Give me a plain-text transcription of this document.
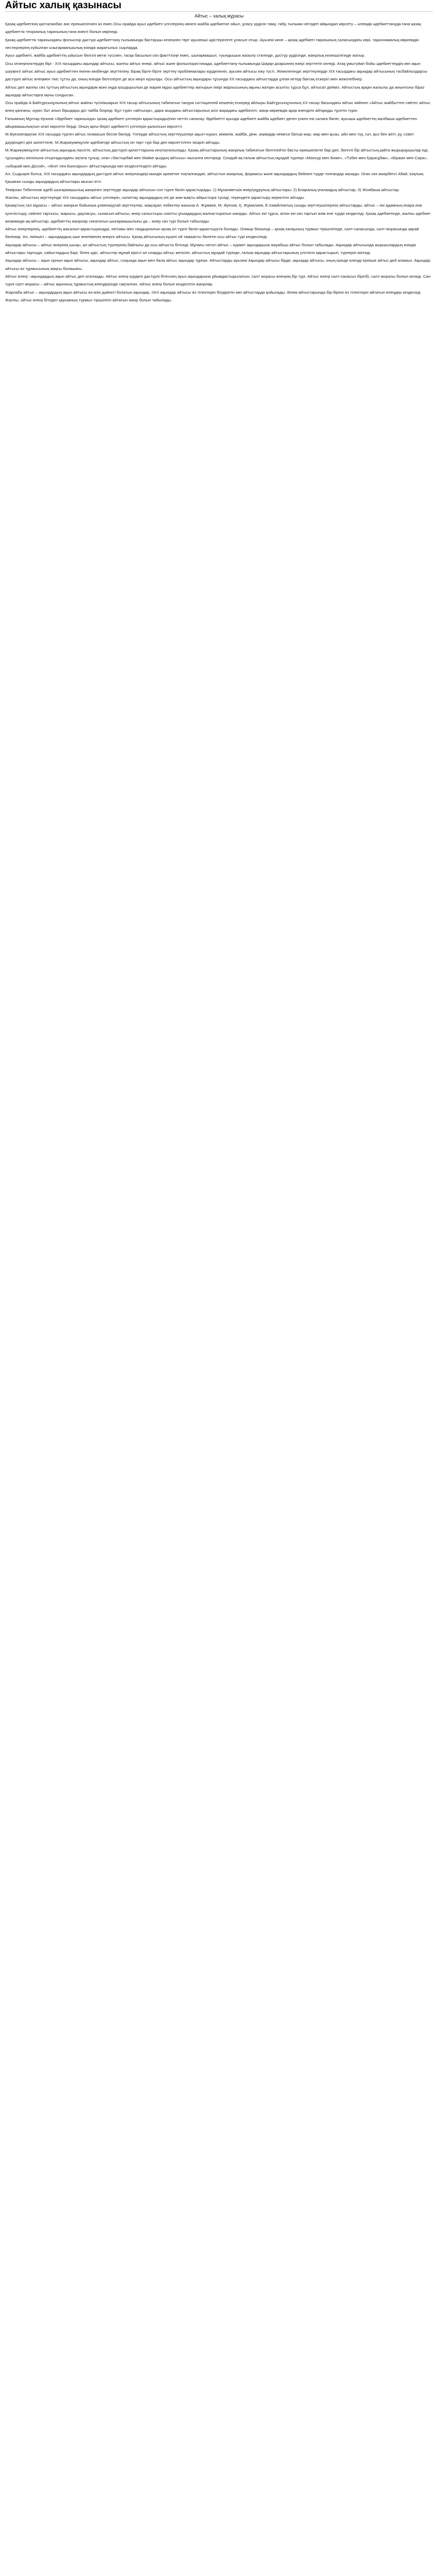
Айтыс халық қазынасы
Айтыс – халық мұрасы

Қазақ әдебиетінің қалталанбас аяс ерекшелігінен аз емес.Осы орайда ауыз әдебиеті үлгілерінің көнелі жайба әдебиетке ойыл, ұласу үрдісін таму, табу, ғылыми негіздеп айқындап көрсету – әлемдік әдебиеттануда ғана қазақ әдебиеттік теориялық тарихының ғана өзекті болып көрінеді.

Қазақ әдебиеттік тарихындағы фольклор дәстүрі әдебиеттану ғылымында бастаушы кезеңнен төрт ауызекші әдістерінгеге ұласып отыр. Ауызекі кине – қазақ әдебиеті тарихының саласындағы көрі, тарихнамалық көркемдік-нестерлерінң күйылған ызыгарманшылық өзіндік жаратылыс сырларда.

Ауыз әдебиеті, жайба әдебиеттің ыйысын белгілі меткі түсскен, тасқа басылып сөз факттісіңе емес, шығармашыл, туындышык жазылу стилінде, дәстүр үрдісінде, жанрлық кезекшілігінде жатыр.

Осы кезеңінілктердің бірі - XIX ғасырдағы ақындар айтысы, жалпы айтыс өнері, айтыс және фольклористикада, әдебиеттану ғылымында Шарқи доарыннің өзері зерттетіп келеді. Атақ ұмытуйап бойы әдебиеттердің көп ақын шәуқекті айтыс айтыс ауыз әдебиеттен екенін көзбенде зерттеліну. Бірақ бірте-бірте зерттеу проблемалары күрделеніп, ауызек айтысы ежу түсті. Жекелегенде зерттеулерде XIX ғасырдағы ақындар айтысының тасбайлыздарсы дастүрлі айтыс өлеңмен тікіс тұтты да, оның өзіндік белгілерге де аса көңіл күрылды. Осы айтыстың ақындары тұсында XX ғасырдағы айтыстарда ұлғая кетеді бахтақ ескерігі мен жекелебінер.

Айтыс деп жалпы сөз тұттың айтыстың ақындарм мәні оңда қошдырылыи де жария мұры әдебиеттер жатырын пікірі жарлысының ақыны жатқан асыпты тұрса бұл, айтысат дейміз. Айтыстың арқан жалылы да жиынтығы біраз ақындар айтыстарға мүны сондысан.

Осы орайда А.Байтұрсынұлының айтыс жайлы түсінікшарын XIX ғасыр айтысының табиғатын танура сәттіщиппей кешенің ескеред айлыры Байтұрсынұлының XX ғасыр басындағы айтыс көйінен «Айтыс жайбыттен сөйтес айтыс өлең қалғаны, күрес бәт алып бірыдары діл тайба білреді. Бұл түрін «айтысқа», дара жырдағы айтыстарының асіх жарадағы адебиплті, жаңа көркемдік арқа өзендігін айтқаңды тұсетін түрін.

Ғалымның Мұнтар ёрзнов «Әдебиет тарихында» қазақ әдебиеті үлгілерін қарастырады(екін неттіп сапалау. Әдебиетті ауызда әдебиеті жәйба әдебиет деген үлкен екі салаға бөліп, ауызша әдебиеттің жалбаша әдебиеттен айырмашылықтын атап көрсетіп берді. Оның арғы-берігі әдебиетті үлгілерін қалыпсын көрсетті.

М.Әуезовтарқтан XIX ғасырда түрген айтыс позмасын бесне бөледі. Үлгерде айтыстың зерттеушілері ақызт-күрәл, мікмілік, жайба, діни, әңкімдар немесе батыр-жар, жар мен қызы, әйл мен түқ, сәт, қыз бен жігіт, ру, совет дәуіріндегі діні әкілеттеле. М.Жарикумекұлле әдебиетде айтыстың он төрт түрі бар деп көрсеттілген экіәріп айтады.

М.Жарикумекұлле айтыстың ақындық пасiлте, айтыстың дастүрлі қалатттарына кеңтоқталылады. Қазақ айтыстарының жанрлық табиғатын белгілейтін басты ерекшеліктеі бар деп, белгілі бір айтыстың,қайта жырыраушылар еді, тұсындағы желілына отыртадындағы ақтата тұлыр, оған «бастырбай мен Майке қыздың айтысы» мысалға келтіреді. Сондай-ақ ғалым айтыстың мұндай түрлері «Мансур мен Биже», «Түбек мен Қарасұбак», «Біржан мен Сара», «ыбырай мен Досой», «Әсет пен Бәнсарын» айтыстарында көп кездесетіндігін айтады.

Ал, Сыдықов болса, XIX ғасырдағы ақындардың дәстүрлі айтыс өнерләндері мәндін әрекетке тоқталғандап, айтыстын жанрлық, формасы және ақындардың бейнелі түрде толғандар жазады. Оған сөз жиарбетсі Абай, Ыңлым, Қашаған сынды ақындардың айтыстары мысал етті.

Темірхан Тебегенов әдебі шығармашылық жанрінен зерттеуде ақындар айтысын сол түрге бөліп қарастырады: 1) Мұхалметшік өнер/уқұрулық айтыстары; 2) Бларалық-уғалаядық айтыстар; 3) Жоябаша айтыстар.

Жалпы, айтыстың зерттеуінде XIX ғасырдағы айтыс үлгілерін, салаттау ақындардың опі де жан-жақты айқыстыра туседі, терендете қарастыру керектігін айтады.

Қазақстың тал мұрасы – айтыс жанрын бойынша ұлменаідтай зерттеулер, жақсарат, екбектер жазына А. Жұмаев, М. Әуезов, Қ. Жұмалиев, Е.Ісмайловтың сынды зерттеушілерінің айтыстарды, айтыс – екі адамның өзара ена кунглістыру, сөйлеп тартысы, жарысы, дауласуы, сынасып-айтысы, өнер салыстыры сиялты ұғымдардың жалғастыратын жанрды. Айтыс екі тұрса, аітин екі сөз тартып өзім ене түрде кездеседі. Қазақ әдебиетінде, жалпы әдебиет жеаммеде-ақ-айтыстар, әдебиеттің жанрлар сипататын шығармашылығы да – өнер сөз түрі болып табылады.

Айтыс өнерлерінің, әдебиеттің жасалып қарастыралдда, негізмы мен таңдырлығын қазақ ел түрге бөліп қарастырута болады. Олмыр бінішінді – қазақ халқының түрмыс-тірішілігінде, салт-санасында, салт-жорасында қарай бөлінеді. Ал, екіншісі – ақындардың шығ өнеліменің өнерге айтысы. Қазақ айтысының күшілі ой тамаасты бөлетін осы айтыс түрі кездесіледі.

Ақындар айтысы – айтыс өнерінің шыңы, ал айтыстың түрлерінің байлығы да осы айтыста бітіседі. Мұнағы негізгі айтыс – күрмет ақындарына жауабыш айтыс болып табылады. Ақындар айтысында жыршылардың өзіндік айтыстары тартыда, сайыстардың бәрі, білек әдіс, айтыстер мұнай кірісті ал оларды айтыс жеткізіп, айтыстың мұндай түрінде, ғалым ақындар айтыстарының үлгілісін қарастырып, түрлерін жіктеді.

Ақындар айтысы – ақын орнын ақын айтысы, ақындар айтыс, соңында ақын мен бала айтыс ақындар тұрған. Айтыстарды ауызекі Ақындар айтысы бірде, ақындар айтысы, оның ішінде өлеңді ерекше айтыс дей аламыз. Ақындар айтысы өз тұрмысының жақсы болашағы.

Айтыс өлеңі –ақындардың ақын айтыс деп аталаады. Айтыс өлеңі күрделі дастүрлі бітеснең ауыз ақындарына ұйымдастырылатын, салт жорасы өлеңнің бір түрі. Айтыс өлеңі салт-санасыз бірігібі, салт-жоралы болып келеді. Сан түрлі салт-жорасы – айтыс ақынның тұрмыстық өлеңдерінде сақталған. Айтыс өлеңі болып кездесетін жанрлар.

Жарлаба айтыс – ақындардың ақын айтысы өз-өзін дәйекті болатын ақындар, тіпті ақындар айтысы өз тілектерін білдіретін көп айтыстарда қойылады. Әлем айтыстарында бір-біріне өз тілектерін айтатын өлеңдер кездеседі. Жалпы, айтыс өлеңі бітедеп қауымның түрмыс-тірішілігін айтатын жанр болып табылады.
